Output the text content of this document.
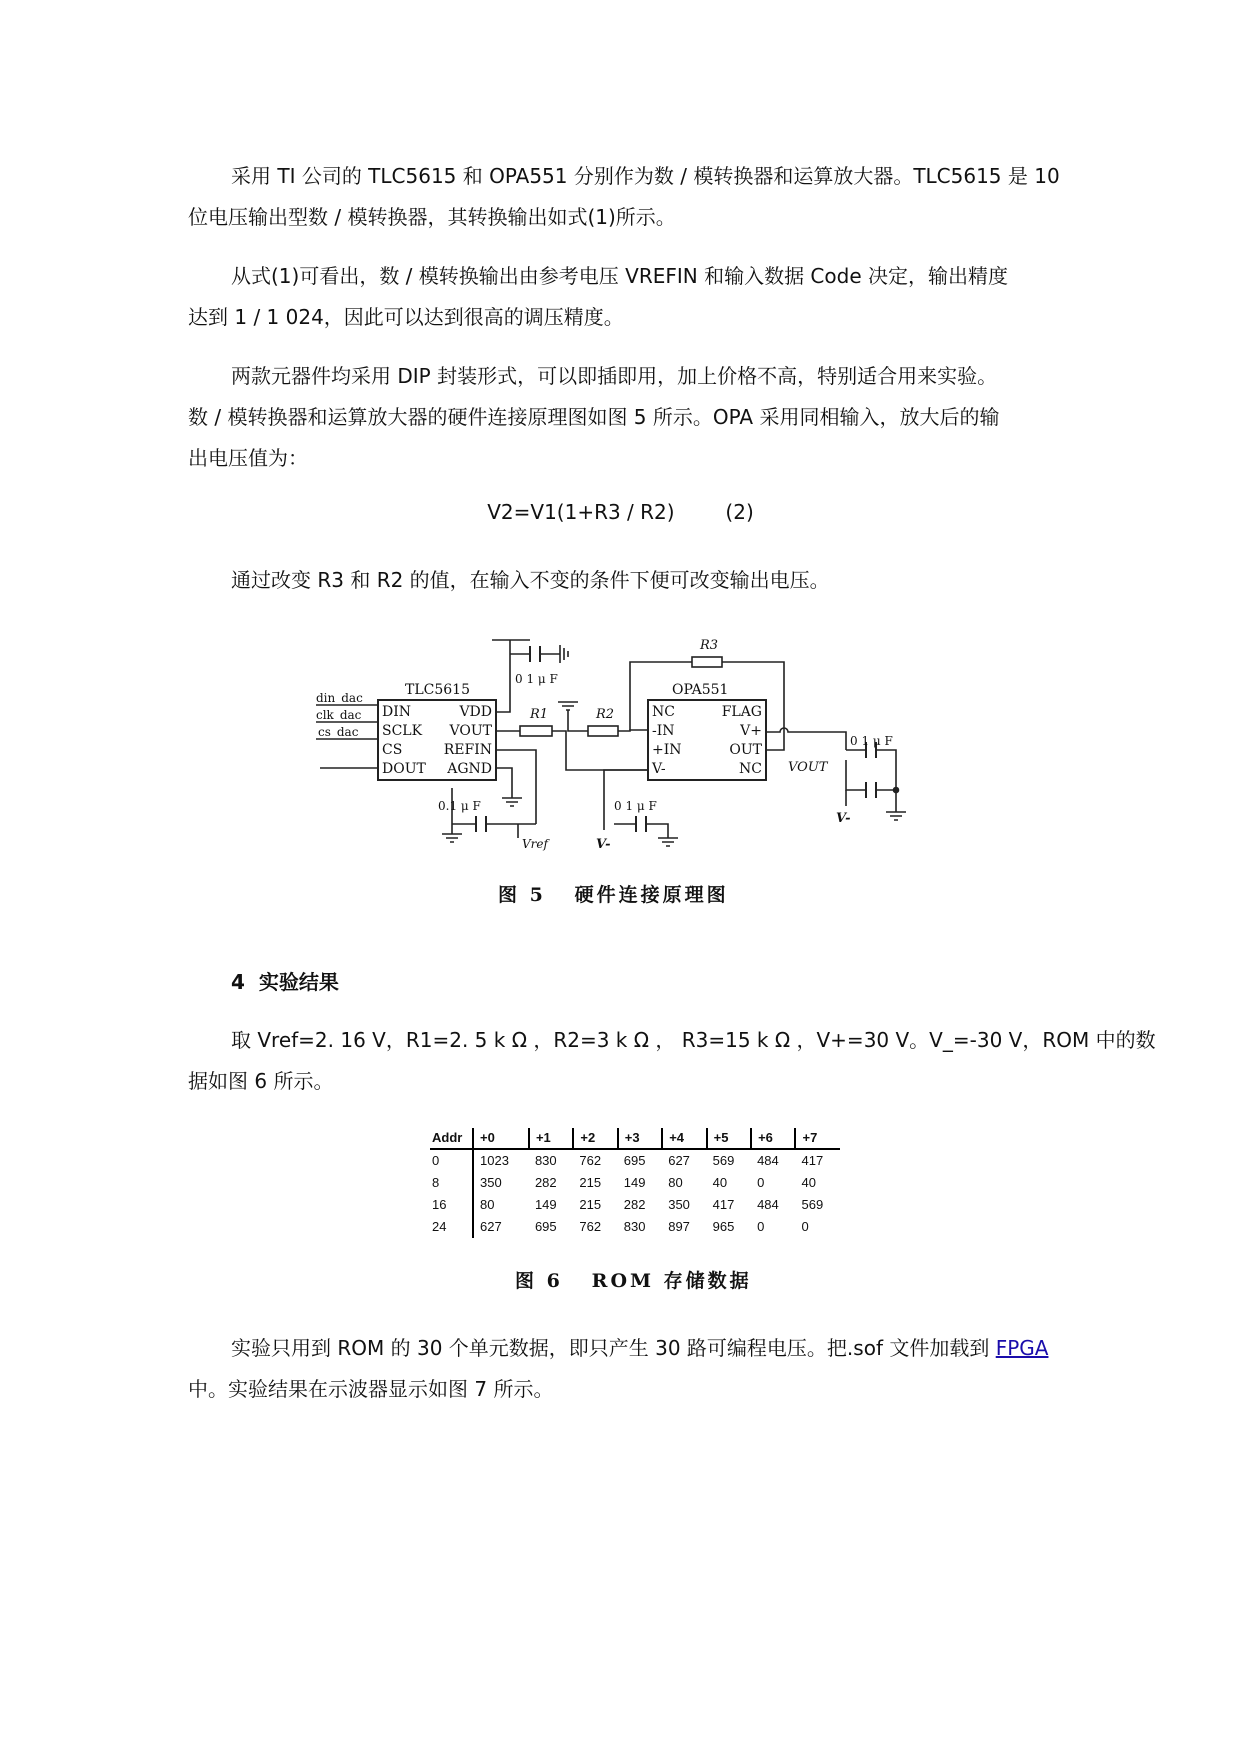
采用 TI 公司的 TLC5615 和 OPA551 分别作为数 / 模转换器和运算放大器。TLC5615 是 10
位电压输出型数 / 模转换器，其转换输出如式(1)所示。

从式(1)可看出，数 / 模转换输出由参考电压 VREFIN 和输入数据 Code 决定，输出精度
达到 1 / 1 024，因此可以达到很高的调压精度。

两款元器件均采用 DIP 封装形式，可以即插即用，加上价格不高，特别适合用来实验。
数 / 模转换器和运算放大器的硬件连接原理图如图 5 所示。OPA 采用同相输入，放大后的输
出电压值为：

V2=V1(1+R3 / R2)        (2)

通过改变 R3 和 R2 的值，在输入不变的条件下便可改变输出电压。

TLC5615
DIN
SCLK
CS
DOUT
VDD
VOUT
REFIN
AGND
din_dac
clk_dac
cs_dac
0 1 μ F
R1	R2
R3
OPA551
NC
-IN
+IN
V-
FLAG
V+
OUT
NC VOUT
0 1 μ F
V-
0.1 μ F
Vref
0 1 μ F
V-
图 5   硬件连接原理图
4  实验结果

取 Vref=2. 16 V，R1=2. 5 k Ω ，R2=3 k Ω ， R3=15 k Ω ，V+=30 V。V_=-30 V，ROM 中的数
据如图 6 所示。

Addr	+0	+1	+2	+3	+4	+5	+6	+7
0	1023	830	762	695	627	569	484	417
8	350	282	215	149	80	40	0	40
16	80	149	215	282	350	417	484	569
24	627	695	762	830	897	965	0	0
图 6   ROM 存储数据

实验只用到 ROM 的 30 个单元数据，即只产生 30 路可编程电压。把.sof 文件加载到 FPGA
中。实验结果在示波器显示如图 7 所示。
